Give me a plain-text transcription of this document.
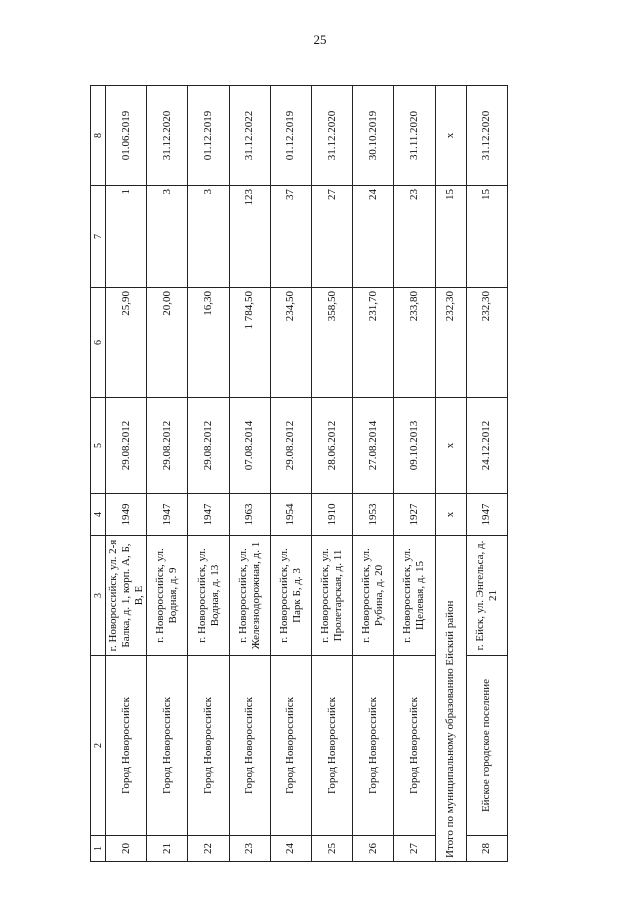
25
1	2	3	4	5	6	7	8
20	Город Новороссийск	г. Новороссийск, ул. 2-я Балка, д. 1, корп. А, Б, В, Е	1949	29.08.2012	25,90	1	01.06.2019
21	Город Новороссийск	г. Новороссийск, ул. Водная, д. 9	1947	29.08.2012	20,00	3	31.12.2020
22	Город Новороссийск	г. Новороссийск, ул. Водная, д. 13	1947	29.08.2012	16,30	3	01.12.2019
23	Город Новороссийск	г. Новороссийск, ул. Железнодорожная, д. 1	1963	07.08.2014	1 784,50	123	31.12.2022
24	Город Новороссийск	г. Новороссийск, ул. Парк Б, д. 3	1954	29.08.2012	234,50	37	01.12.2019
25	Город Новороссийск	г. Новороссийск, ул. Пролетарская, д. 11	1910	28.06.2012	358,50	27	31.12.2020
26	Город Новороссийск	г. Новороссийск, ул. Рубина, д. 20	1953	27.08.2014	231,70	24	30.10.2019
27	Город Новороссийск	г. Новороссийск, ул. Щелевая, д. 15	1927	09.10.2013	233,80	23	31.11.2020
Итого по муниципальному образованию Ейский район			x	x	232,30	15	x
28	Ейское городское поселение	г. Ейск, ул. Энгельса, д. 21	1947	24.12.2012	232,30	15	31.12.2020
